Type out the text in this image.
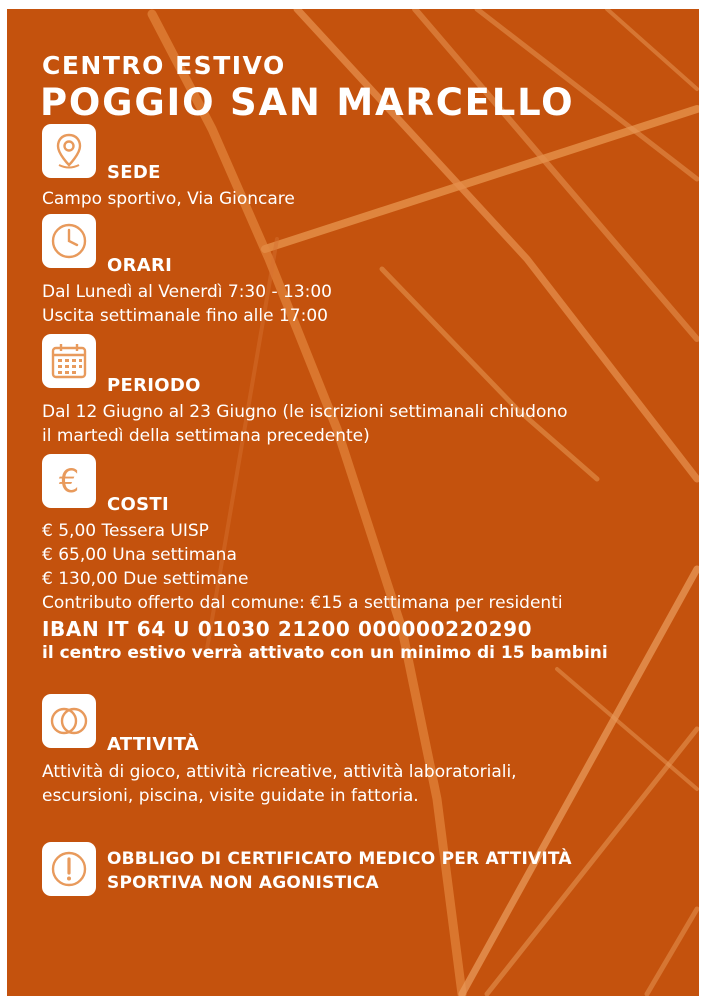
CENTRO ESTIVO
POGGIO SAN MARCELLO
SEDE

Campo sportivo, Via Gioncare

ORARI

Dal Lunedì al Venerdì 7:30 - 13:00

Uscita settimanale fino alle 17:00

PERIODO

Dal 12 Giugno al 23 Giugno (le iscrizioni settimanali chiudono

il martedì della settimana precedente)

€
COSTI

€ 5,00 Tessera UISP

€ 65,00 Una settimana

€ 130,00 Due settimane

Contributo offerto dal comune: €15 a settimana per residenti

IBAN IT 64 U 01030 21200 000000220290

il centro estivo verrà attivato con un minimo di 15 bambini

ATTIVITÀ

Attività di gioco, attività ricreative, attività laboratoriali,

escursioni, piscina, visite guidate in fattoria.

OBBLIGO DI CERTIFICATO MEDICO PER ATTIVITÀ
SPORTIVA NON AGONISTICA
